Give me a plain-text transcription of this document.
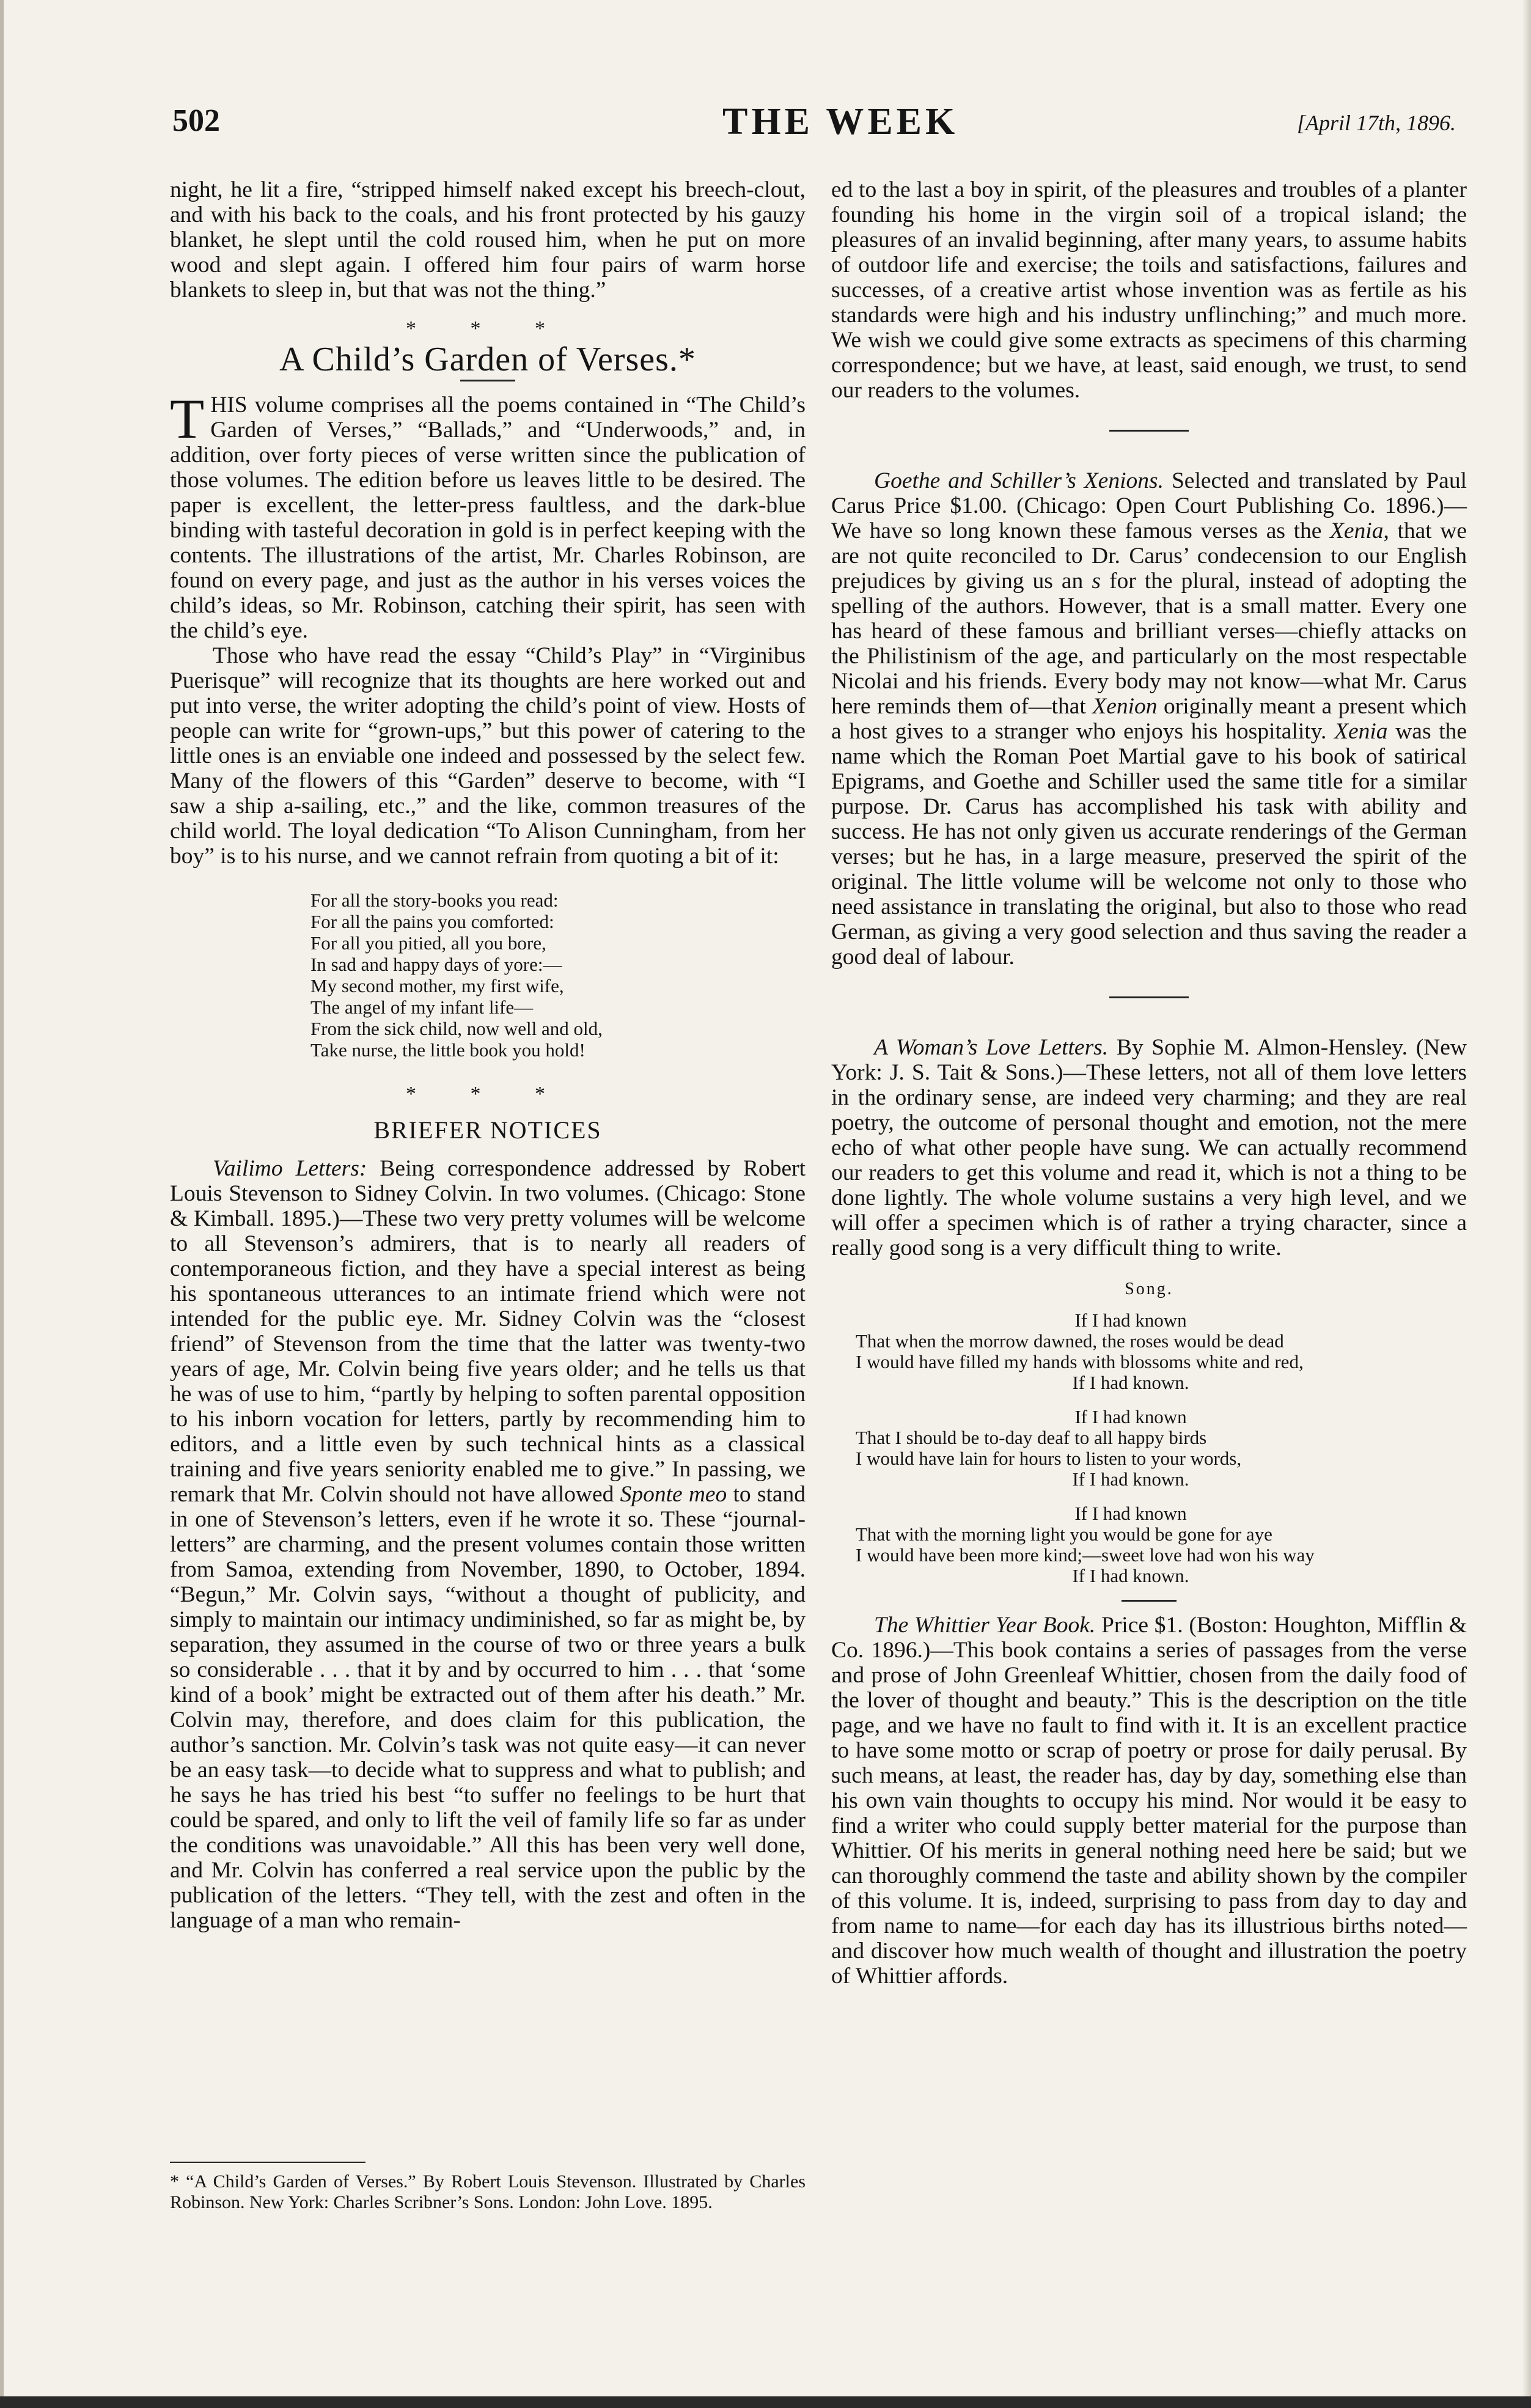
502	THE WEEK	[April 17th, 1896.

night, he lit a fire, “stripped himself naked except his breech-clout, and with his back to the coals, and his front protected by his gauzy blanket, he slept until the cold roused him, when he put on more wood and slept again. I offered him four pairs of warm horse blankets to sleep in, but that was not the thing.”

* * *
A Child’s Garden of Verses.*

THIS volume comprises all the poems contained in “The Child’s Garden of Verses,” “Ballads,” and “Underwoods,” and, in addition, over forty pieces of verse written since the publication of those volumes. The edition before us leaves little to be desired. The paper is excellent, the letter-press faultless, and the dark-blue binding with tasteful decoration in gold is in perfect keeping with the contents. The illustrations of the artist, Mr. Charles Robinson, are found on every page, and just as the author in his verses voices the child’s ideas, so Mr. Robinson, catching their spirit, has seen with the child’s eye.

Those who have read the essay “Child’s Play” in “Virginibus Puerisque” will recognize that its thoughts are here worked out and put into verse, the writer adopting the child’s point of view. Hosts of people can write for “grown-ups,” but this power of catering to the little ones is an enviable one indeed and possessed by the select few. Many of the flowers of this “Garden” deserve to become, with “I saw a ship a-sailing, etc.,” and the like, common treasures of the child world. The loyal dedication “To Alison Cunningham, from her boy” is to his nurse, and we cannot refrain from quoting a bit of it:

For all the story-books you read:
For all the pains you comforted:
For all you pitied, all you bore,
In sad and happy days of yore:—
My second mother, my first wife,
The angel of my infant life—
From the sick child, now well and old,
Take nurse, the little book you hold!
* * *
BRIEFER NOTICES

Vailimo Letters: Being correspondence addressed by Robert Louis Stevenson to Sidney Colvin. In two volumes. (Chicago: Stone & Kimball. 1895.)—These two very pretty volumes will be welcome to all Stevenson’s admirers, that is to nearly all readers of contemporaneous fiction, and they have a special interest as being his spontaneous utterances to an intimate friend which were not intended for the public eye. Mr. Sidney Colvin was the “closest friend” of Stevenson from the time that the latter was twenty-two years of age, Mr. Colvin being five years older; and he tells us that he was of use to him, “partly by helping to soften parental opposition to his inborn vocation for letters, partly by recommending him to editors, and a little even by such technical hints as a classical training and five years seniority enabled me to give.” In passing, we remark that Mr. Colvin should not have allowed Sponte meo to stand in one of Stevenson’s letters, even if he wrote it so. These “journal-letters” are charming, and the present volumes contain those written from Samoa, extending from November, 1890, to October, 1894. “Begun,” Mr. Colvin says, “without a thought of publicity, and simply to maintain our intimacy undiminished, so far as might be, by separation, they assumed in the course of two or three years a bulk so considerable . . . that it by and by occurred to him . . . that ‘some kind of a book’ might be extracted out of them after his death.” Mr. Colvin may, therefore, and does claim for this publication, the author’s sanction. Mr. Colvin’s task was not quite easy—it can never be an easy task—to decide what to suppress and what to publish; and he says he has tried his best “to suffer no feelings to be hurt that could be spared, and only to lift the veil of family life so far as under the conditions was unavoidable.” All this has been very well done, and Mr. Colvin has conferred a real service upon the public by the publication of the letters. “They tell, with the zest and often in the language of a man who remain-

* “A Child’s Garden of Verses.” By Robert Louis Stevenson. Illustrated by Charles Robinson. New York: Charles Scribner’s Sons. London: John Love. 1895.

ed to the last a boy in spirit, of the pleasures and troubles of a planter founding his home in the virgin soil of a tropical island; the pleasures of an invalid beginning, after many years, to assume habits of outdoor life and exercise; the toils and satisfactions, failures and successes, of a creative artist whose invention was as fertile as his standards were high and his industry unflinching;” and much more. We wish we could give some extracts as specimens of this charming correspondence; but we have, at least, said enough, we trust, to send our readers to the volumes.

Goethe and Schiller’s Xenions. Selected and translated by Paul Carus Price $1.00. (Chicago: Open Court Publishing Co. 1896.)—We have so long known these famous verses as the Xenia, that we are not quite reconciled to Dr. Carus’ condecension to our English prejudices by giving us an s for the plural, instead of adopting the spelling of the authors. However, that is a small matter. Every one has heard of these famous and brilliant verses—chiefly attacks on the Philistinism of the age, and particularly on the most respectable Nicolai and his friends. Every body may not know—what Mr. Carus here reminds them of—that Xenion originally meant a present which a host gives to a stranger who enjoys his hospitality. Xenia was the name which the Roman Poet Martial gave to his book of satirical Epigrams, and Goethe and Schiller used the same title for a similar purpose. Dr. Carus has accomplished his task with ability and success. He has not only given us accurate renderings of the German verses; but he has, in a large measure, preserved the spirit of the original. The little volume will be welcome not only to those who need assistance in translating the original, but also to those who read German, as giving a very good selection and thus saving the reader a good deal of labour.

A Woman’s Love Letters. By Sophie M. Almon-Hensley. (New York: J. S. Tait & Sons.)—These letters, not all of them love letters in the ordinary sense, are indeed very charming; and they are real poetry, the outcome of personal thought and emotion, not the mere echo of what other people have sung. We can actually recommend our readers to get this volume and read it, which is not a thing to be done lightly. The whole volume sustains a very high level, and we will offer a specimen which is of rather a trying character, since a really good song is a very difficult thing to write.

Song.
If I had known
That when the morrow dawned, the roses would be dead
I would have filled my hands with blossoms white and red,
If I had known.
If I had known
That I should be to-day deaf to all happy birds
I would have lain for hours to listen to your words,
If I had known.
If I had known
That with the morning light you would be gone for aye
I would have been more kind;—sweet love had won his way
If I had known.

The Whittier Year Book. Price $1. (Boston: Houghton, Mifflin & Co. 1896.)—This book contains a series of passages from the verse and prose of John Greenleaf Whittier, chosen from the daily food of the lover of thought and beauty.” This is the description on the title page, and we have no fault to find with it. It is an excellent practice to have some motto or scrap of poetry or prose for daily perusal. By such means, at least, the reader has, day by day, something else than his own vain thoughts to occupy his mind. Nor would it be easy to find a writer who could supply better material for the purpose than Whittier. Of his merits in general nothing need here be said; but we can thoroughly commend the taste and ability shown by the compiler of this volume. It is, indeed, surprising to pass from day to day and from name to name—for each day has its illustrious births noted—and discover how much wealth of thought and illustration the poetry of Whittier affords.
